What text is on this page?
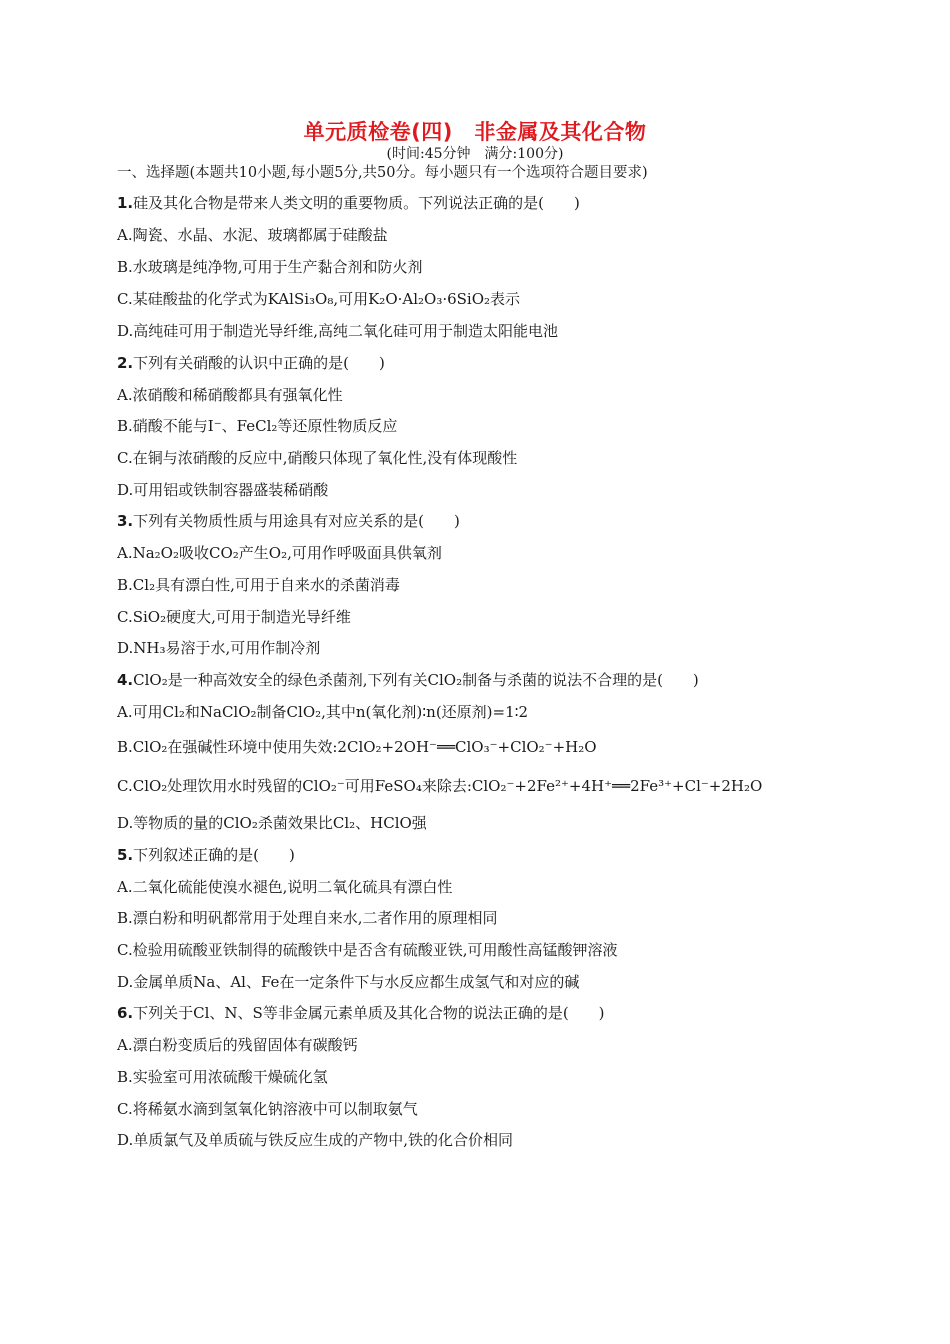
单元质检卷(四)　非金属及其化合物
(时间:45分钟　满分:100分)
一、选择题(本题共10小题,每小题5分,共50分。每小题只有一个选项符合题目要求)
1.硅及其化合物是带来人类文明的重要物质。下列说法正确的是(　　)
A.陶瓷、水晶、水泥、玻璃都属于硅酸盐
B.水玻璃是纯净物,可用于生产黏合剂和防火剂
C.某硅酸盐的化学式为KAlSi₃O₈,可用K₂O·Al₂O₃·6SiO₂表示
D.高纯硅可用于制造光导纤维,高纯二氧化硅可用于制造太阳能电池
2.下列有关硝酸的认识中正确的是(　　)
A.浓硝酸和稀硝酸都具有强氧化性
B.硝酸不能与I⁻、FeCl₂等还原性物质反应
C.在铜与浓硝酸的反应中,硝酸只体现了氧化性,没有体现酸性
D.可用铝或铁制容器盛装稀硝酸
3.下列有关物质性质与用途具有对应关系的是(　　)
A.Na₂O₂吸收CO₂产生O₂,可用作呼吸面具供氧剂
B.Cl₂具有漂白性,可用于自来水的杀菌消毒
C.SiO₂硬度大,可用于制造光导纤维
D.NH₃易溶于水,可用作制冷剂
4.ClO₂是一种高效安全的绿色杀菌剂,下列有关ClO₂制备与杀菌的说法不合理的是(　　)
A.可用Cl₂和NaClO₂制备ClO₂,其中n(氧化剂)∶n(还原剂)=1∶2
B.ClO₂在强碱性环境中使用失效:2ClO₂+2OH⁻══ClO₃⁻+ClO₂⁻+H₂O
C.ClO₂处理饮用水时残留的ClO₂⁻可用FeSO₄来除去:ClO₂⁻+2Fe²⁺+4H⁺══2Fe³⁺+Cl⁻+2H₂O
D.等物质的量的ClO₂杀菌效果比Cl₂、HClO强
5.下列叙述正确的是(　　)
A.二氧化硫能使溴水褪色,说明二氧化硫具有漂白性
B.漂白粉和明矾都常用于处理自来水,二者作用的原理相同
C.检验用硫酸亚铁制得的硫酸铁中是否含有硫酸亚铁,可用酸性高锰酸钾溶液
D.金属单质Na、Al、Fe在一定条件下与水反应都生成氢气和对应的碱
6.下列关于Cl、N、S等非金属元素单质及其化合物的说法正确的是(　　)
A.漂白粉变质后的残留固体有碳酸钙
B.实验室可用浓硫酸干燥硫化氢
C.将稀氨水滴到氢氧化钠溶液中可以制取氨气
D.单质氯气及单质硫与铁反应生成的产物中,铁的化合价相同
